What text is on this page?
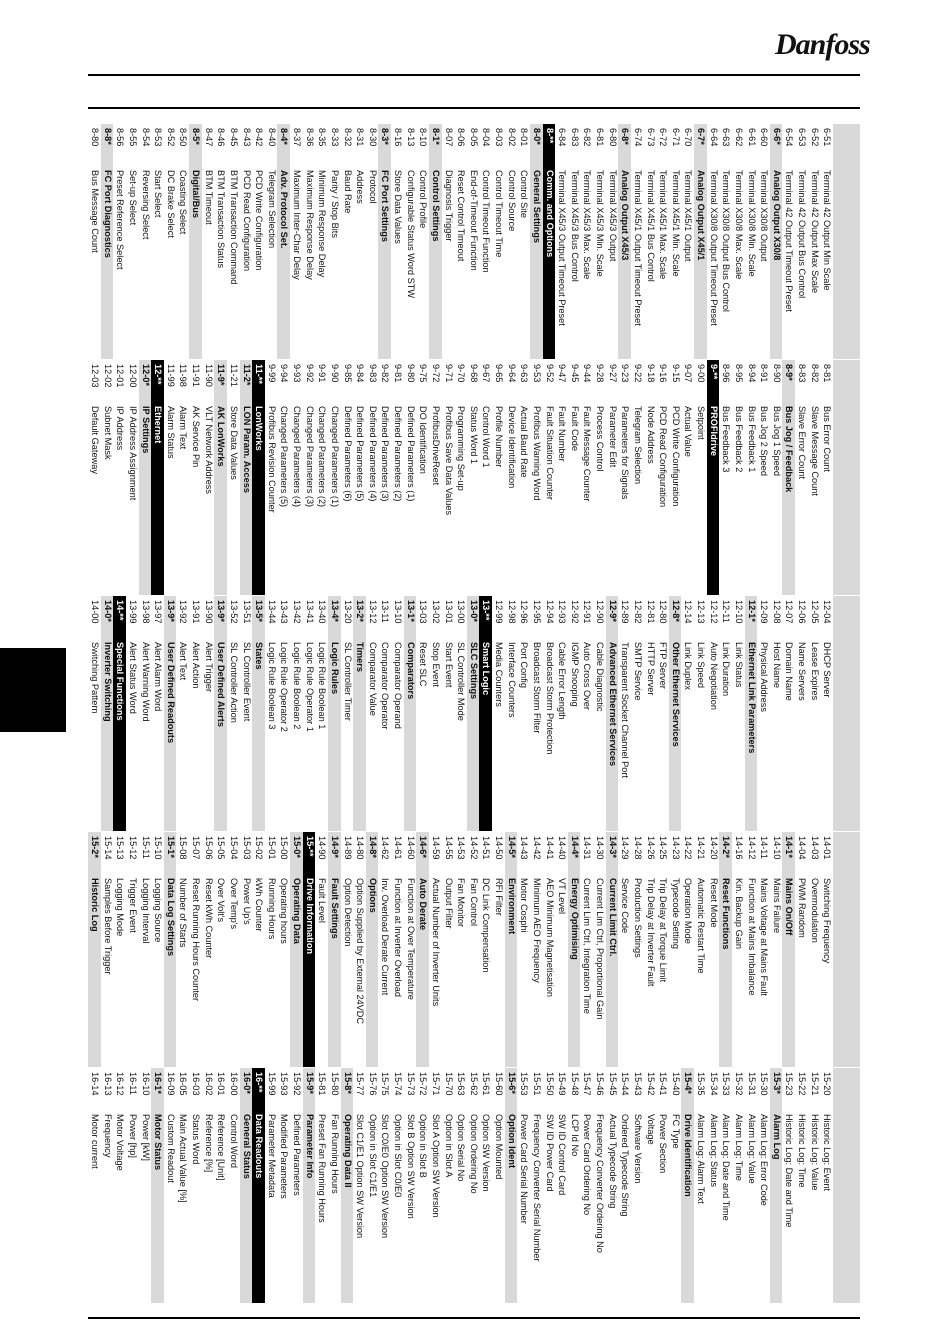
Danfoss
6-51
Terminal 42 Output Min Scale
6-52
Terminal 42 Output Max Scale
6-53
Terminal 42 Output Bus Control
6-54
Terminal 42 Output Timeout Preset
6-6*
Analog Output X30/8
6-60
Terminal X30/8 Output
6-61
Terminal X30/8 Min. Scale
6-62
Terminal X30/8 Max. Scale
6-63
Terminal X30/8 Output Bus Control
6-64
Terminal X30/8 Output Timeout Preset
6-7*
Analog Output X45/1
6-70
Terminal X45/1 Output
6-71
Terminal X45/1 Min. Scale
6-72
Terminal X45/1 Max. Scale
6-73
Terminal X45/1 Bus Control
6-74
Terminal X45/1 Output Timeout Preset
6-8*
Analog Output X45/3
6-80
Terminal X45/3 Output
6-81
Terminal X45/3 Min. Scale
6-82
Terminal X45/3 Max. Scale
6-83
Terminal X45/3 Bus Control
6-84
Terminal X45/3 Output Timeout Preset
8-**
Comm. and Options
8-0*
General Settings
8-01
Control Site
8-02
Control Source
8-03
Control Timeout Time
8-04
Control Timeout Function
8-05
End-of-Timeout Function
8-06
Reset Control Timeout
8-07
Diagnosis Trigger
8-1*
Control Settings
8-10
Control Profile
8-13
Configurable Status Word STW
8-16
Store Data Values
8-3*
FC Port Settings
8-30
Protocol
8-31
Address
8-32
Baud Rate
8-33
Parity / Stop Bits
8-35
Minimum Response Delay
8-36
Maximum Response Delay
8-37
Maximum Inter-Char Delay
8-4*
Adv. Protocol Set.
8-40
Telegram Selection
8-42
PCD Write Configuration
8-43
PCD Read Configuration
8-45
BTM Transaction Command
8-46
BTM Transaction Status
8-47
BTM Timeout
8-5*
Digital/Bus
8-50
Coasting Select
8-52
DC Brake Select
8-53
Start Select
8-54
Reversing Select
8-55
Set-up Select
8-56
Preset Reference Select
8-8*
FC Port Diagnostics
8-80
Bus Message Count
8-81
Bus Error Count
8-82
Slave Message Count
8-83
Slave Error Count
8-9*
Bus Jog / Feedback
8-90
Bus Jog 1 Speed
8-91
Bus Jog 2 Speed
8-94
Bus Feedback 1
8-95
Bus Feedback 2
8-96
Bus Feedback 3
9-**
PROFIdrive
9-00
Setpoint
9-07
Actual Value
9-15
PCD Write Configuration
9-16
PCD Read Configuration
9-18
Node Address
9-22
Telegram Selection
9-23
Parameters for Signals
9-27
Parameter Edit
9-28
Process Control
9-44
Fault Message Counter
9-45
Fault Code
9-47
Fault Number
9-52
Fault Situation Counter
9-53
Profibus Warning Word
9-63
Actual Baud Rate
9-64
Device Identification
9-65
Profile Number
9-67
Control Word 1
9-68
Status Word 1
9-70
Programming Set-up
9-71
Profibus Save Data Values
9-72
ProfibusDriveReset
9-75
DO Identification
9-80
Defined Parameters (1)
9-81
Defined Parameters (2)
9-82
Defined Parameters (3)
9-83
Defined Parameters (4)
9-84
Defined Parameters (5)
9-85
Defined Parameters (6)
9-90
Changed Parameters (1)
9-91
Changed Parameters (2)
9-92
Changed Parameters (3)
9-93
Changed Parameters (4)
9-94
Changed Parameters (5)
9-99
Profibus Revision Counter
11-**
LonWorks
11-2*
LON Param. Access
11-21
Store Data Values
11-9*
AK LonWorks
11-90
VLT Network Address
11-91
AK Service Pin
11-98
Alarm Text
11-99
Alarm Status
12-**
Ethernet
12-0*
IP Settings
12-00
IP Address Assignment
12-01
IP Address
12-02
Subnet Mask
12-03
Default Gateway
12-04
DHCP Server
12-05
Lease Expires
12-06
Name Servers
12-07
Domain Name
12-08
Host Name
12-09
Physical Address
12-1*
Ethernet Link Parameters
12-10
Link Status
12-11
Link Duration
12-12
Auto Negotiation
12-13
Link Speed
12-14
Link Duplex
12-8*
Other Ethernet Services
12-80
FTP Server
12-81
HTTP Server
12-82
SMTP Service
12-89
Transparent Socket Channel Port
12-9*
Advanced Ethernet Services
12-90
Cable Diagnostic
12-91
Auto Cross Over
12-92
IGMP Snooping
12-93
Cable Error Length
12-94
Broadcast Storm Protection
12-95
Broadcast Storm Filter
12-96
Port Config
12-98
Interface Counters
12-99
Media Counters
13-**
Smart Logic
13-0*
SLC Settings
13-00
SL Controller Mode
13-01
Start Event
13-02
Stop Event
13-03
Reset SLC
13-1*
Comparators
13-10
Comparator Operand
13-11
Comparator Operator
13-12
Comparator Value
13-2*
Timers
13-20
SL Controller Timer
13-4*
Logic Rules
13-40
Logic Rule Boolean 1
13-41
Logic Rule Operator 1
13-42
Logic Rule Boolean 2
13-43
Logic Rule Operator 2
13-44
Logic Rule Boolean 3
13-5*
States
13-51
SL Controller Event
13-52
SL Controller Action
13-9*
User Defined Alerts
13-90
Alert Trigger
13-91
Alert Action
13-92
Alert Text
13-9*
User Defined Readouts
13-97
Alert Alarm Word
13-98
Alert Warning Word
13-99
Alert Status Word
14-**
Special Functions
14-0*
Inverter Switching
14-00
Switching Pattern
14-01
Switching Frequency
14-03
Overmodulation
14-04
PWM Random
14-1*
Mains On/Off
14-10
Mains Failure
14-11
Mains Voltage at Mains Fault
14-12
Function at Mains Imbalance
14-16
Kin. Backup Gain
14-2*
Reset Functions
14-20
Reset Mode
14-21
Automatic Restart Time
14-22
Operation Mode
14-23
Typecode Setting
14-25
Trip Delay at Torque Limit
14-26
Trip Delay at Inverter Fault
14-28
Production Settings
14-29
Service Code
14-3*
Current Limit Ctrl.
14-30
Current Lim Ctrl, Proportional Gain
14-31
Current Lim Ctrl, Integration Time
14-4*
Energy Optimising
14-40
VT Level
14-41
AEO Minimum Magnetisation
14-42
Minimum AEO Frequency
14-43
Motor Cosphi
14-5*
Environment
14-50
RFI Filter
14-51
DC Link Compensation
14-52
Fan Control
14-53
Fan Monitor
14-55
Output Filter
14-59
Actual Number of Inverter Units
14-6*
Auto Derate
14-60
Function at Over Temperature
14-61
Function at Inverter Overload
14-62
Inv. Overload Derate Current
14-8*
Options
14-80
Option Supplied by External 24VDC
14-89
Option Detection
14-9*
Fault Settings
14-90
Fault Level
15-**
Drive Information
15-0*
Operating Data
15-00
Operating hours
15-01
Running Hours
15-02
kWh Counter
15-03
Power Up's
15-04
Over Temp's
15-05
Over Volt's
15-06
Reset kWh Counter
15-07
Reset Running Hours Counter
15-08
Number of Starts
15-1*
Data Log Settings
15-10
Logging Source
15-11
Logging Interval
15-12
Trigger Event
15-13
Logging Mode
15-14
Samples Before Trigger
15-2*
Historic Log
15-20
Historic Log: Event
15-21
Historic Log: Value
15-22
Historic Log: Time
15-23
Historic Log: Date and Time
15-3*
Alarm Log
15-30
Alarm Log: Error Code
15-31
Alarm Log: Value
15-32
Alarm Log: Time
15-33
Alarm Log: Date and Time
15-34
Alarm Log: Status
15-35
Alarm Log: Alarm Text
15-4*
Drive Identification
15-40
FC Type
15-41
Power Section
15-42
Voltage
15-43
Software Version
15-44
Ordered Typecode String
15-45
Actual Typecode String
15-46
Frequency Converter Ordering No
15-47
Power Card Ordering No
15-48
LCP Id No
15-49
SW ID Control Card
15-50
SW ID Power Card
15-51
Frequency Converter Serial Number
15-53
Power Card Serial Number
15-6*
Option Ident
15-60
Option Mounted
15-61
Option SW Version
15-62
Option Ordering No
15-63
Option Serial No
15-70
Option in Slot A
15-71
Slot A Option SW Version
15-72
Option in Slot B
15-73
Slot B Option SW Version
15-74
Option in Slot C0/E0
15-75
Slot C0/E0 Option SW Version
15-76
Option in Slot C1/E1
15-77
Slot C1/E1 Option SW Version
15-8*
Operating Data II
15-80
Fan Running Hours
15-81
Preset Fan Running Hours
15-9*
Parameter Info
15-92
Defined Parameters
15-93
Modified Parameters
15-99
Parameter Metadata
16-**
Data Readouts
16-0*
General Status
16-00
Control Word
16-01
Reference [Unit]
16-02
Reference [%]
16-03
Status Word
16-05
Main Actual Value [%]
16-09
Custom Readout
16-1*
Motor Status
16-10
Power [kW]
16-11
Power [hp]
16-12
Motor Voltage
16-13
Frequency
16-14
Motor current
